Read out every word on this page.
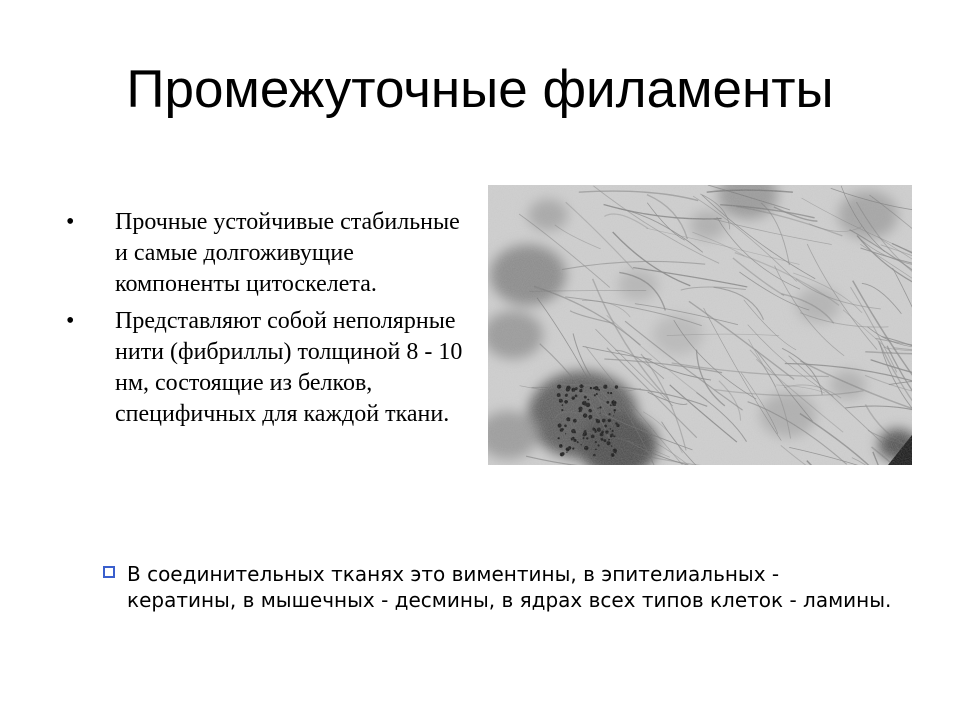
Промежуточные филаменты
• Прочные устойчивые стабильные и самые долгоживущие компоненты цитоскелета.
• Представляют собой неполярные нити (фибриллы) толщиной 8 - 10 нм, состоящие из белков, специфичных для каждой ткани.
В соединительных тканях это виментины, в эпителиальных - кератины, в мышечных - десмины, в ядрах всех типов клеток - ламины.
